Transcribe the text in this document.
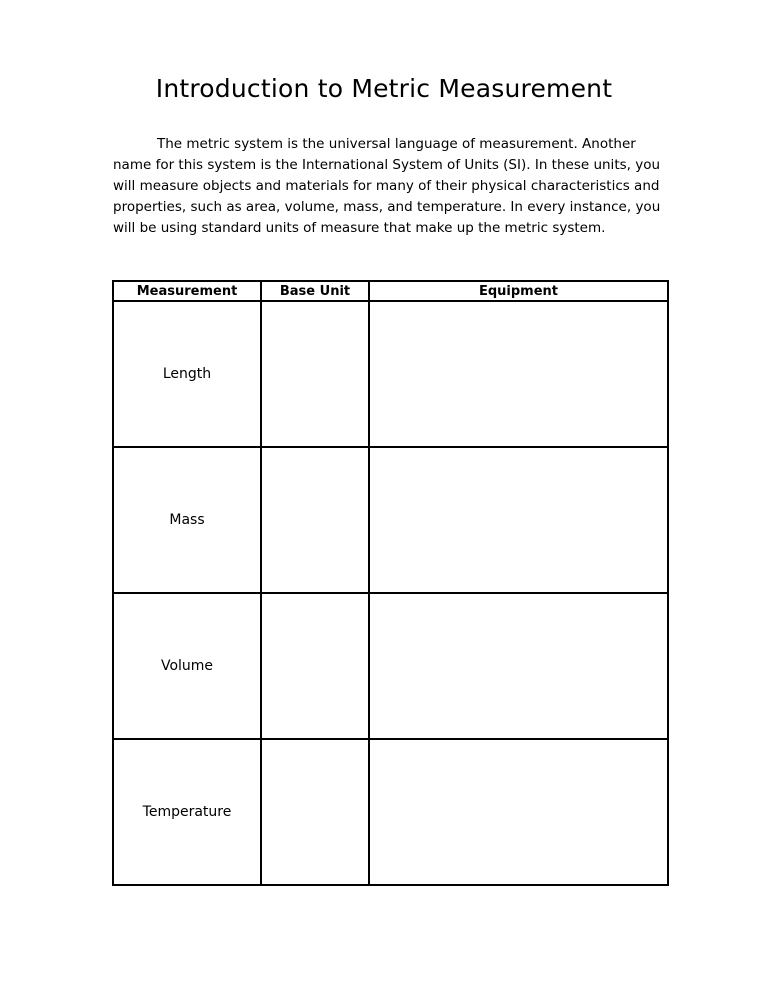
Introduction to Metric Measurement

The metric system is the universal language of measurement. Another name for this system is the International System of Units (SI). In these units, you will measure objects and materials for many of their physical characteristics and properties, such as area, volume, mass, and temperature. In every instance, you will be using standard units of measure that make up the metric system.

Measurement	Base Unit	Equipment
Length		
Mass		
Volume		
Temperature		
